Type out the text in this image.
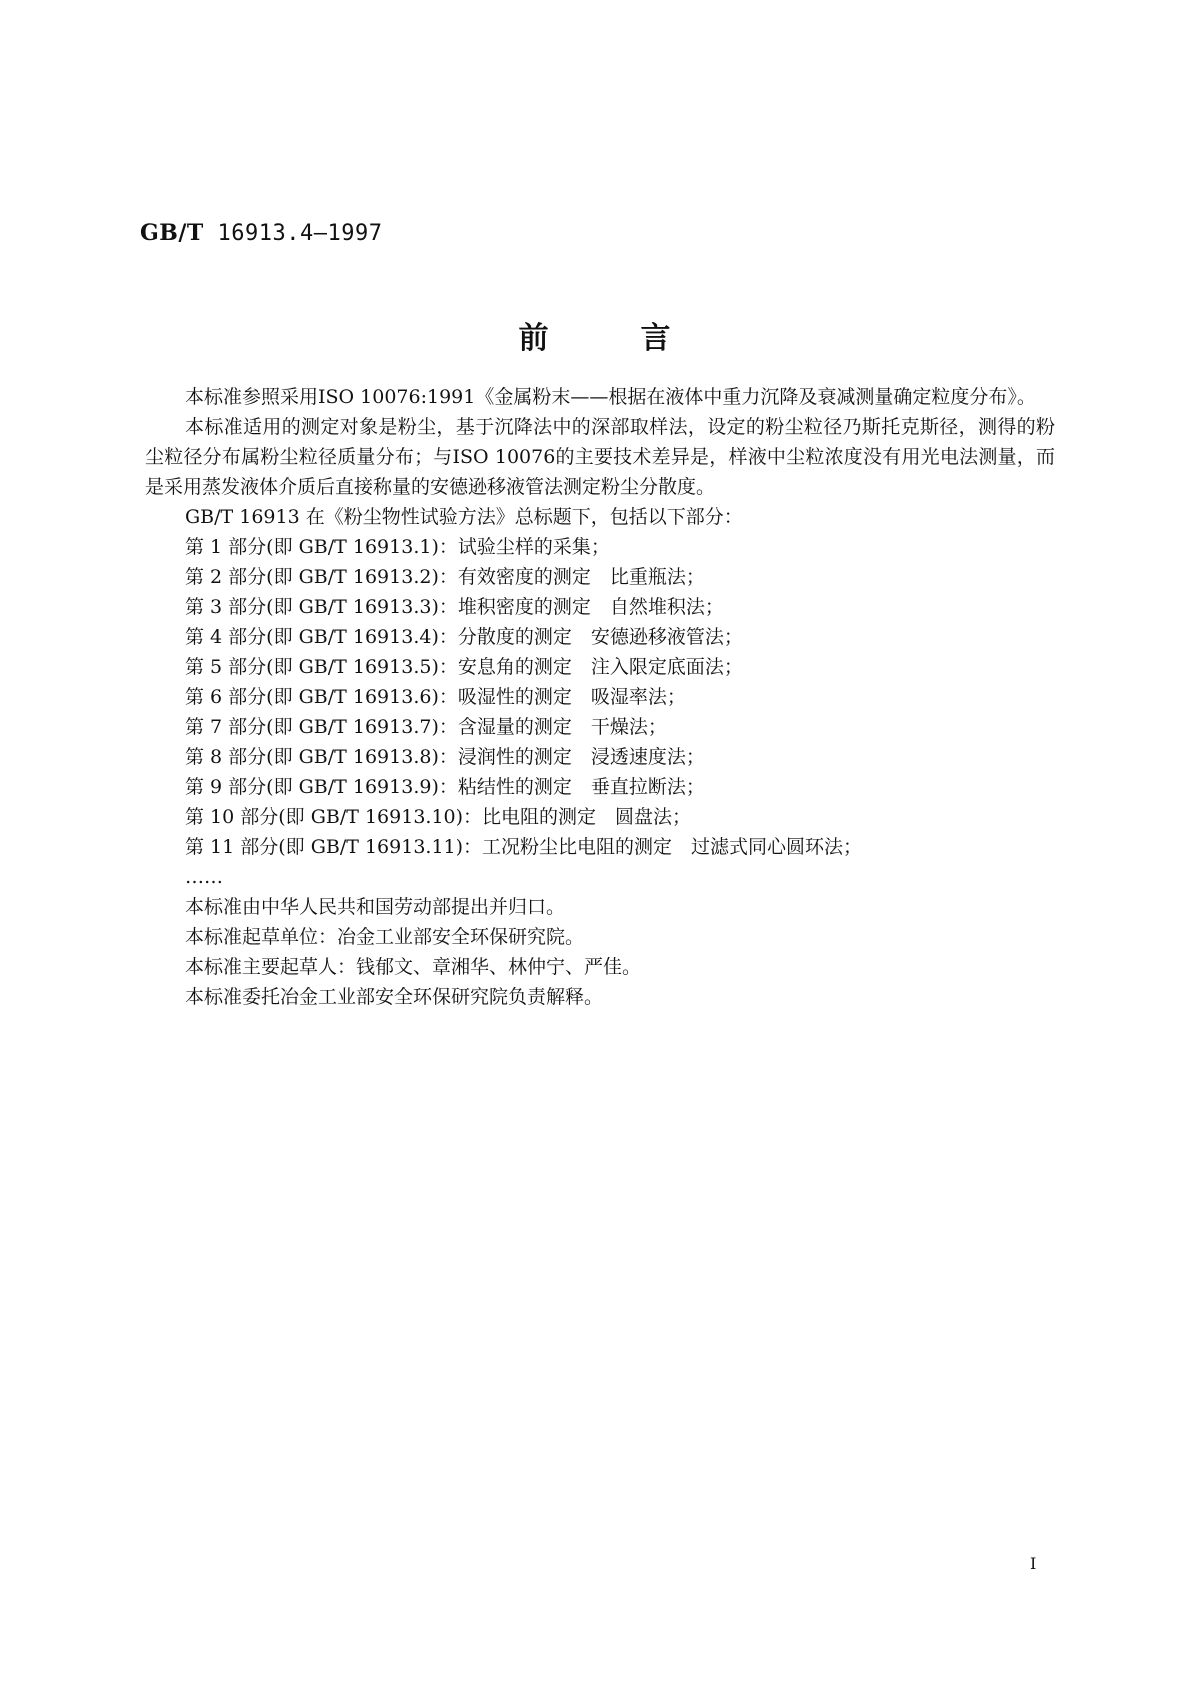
GB/T 16913.4—1997
前	言

本标准参照采用ISO 10076:1991《金属粉末——根据在液体中重力沉降及衰减测量确定粒度分布》。

本标准适用的测定对象是粉尘，基于沉降法中的深部取样法，设定的粉尘粒径乃斯托克斯径，测得的粉尘粒径分布属粉尘粒径质量分布；与ISO 10076的主要技术差异是，样液中尘粒浓度没有用光电法测量，而是采用蒸发液体介质后直接称量的安德逊移液管法测定粉尘分散度。

GB/T 16913 在《粉尘物性试验方法》总标题下，包括以下部分：

第 1 部分(即 GB/T 16913.1)：试验尘样的采集；

第 2 部分(即 GB/T 16913.2)：有效密度的测定　比重瓶法；

第 3 部分(即 GB/T 16913.3)：堆积密度的测定　自然堆积法；

第 4 部分(即 GB/T 16913.4)：分散度的测定　安德逊移液管法；

第 5 部分(即 GB/T 16913.5)：安息角的测定　注入限定底面法；

第 6 部分(即 GB/T 16913.6)：吸湿性的测定　吸湿率法；

第 7 部分(即 GB/T 16913.7)：含湿量的测定　干燥法；

第 8 部分(即 GB/T 16913.8)：浸润性的测定　浸透速度法；

第 9 部分(即 GB/T 16913.9)：粘结性的测定　垂直拉断法；

第 10 部分(即 GB/T 16913.10)：比电阻的测定　圆盘法；

第 11 部分(即 GB/T 16913.11)：工况粉尘比电阻的测定　过滤式同心圆环法；

……

本标准由中华人民共和国劳动部提出并归口。

本标准起草单位：冶金工业部安全环保研究院。

本标准主要起草人：钱郁文、章湘华、林仲宁、严佳。

本标准委托冶金工业部安全环保研究院负责解释。

I
